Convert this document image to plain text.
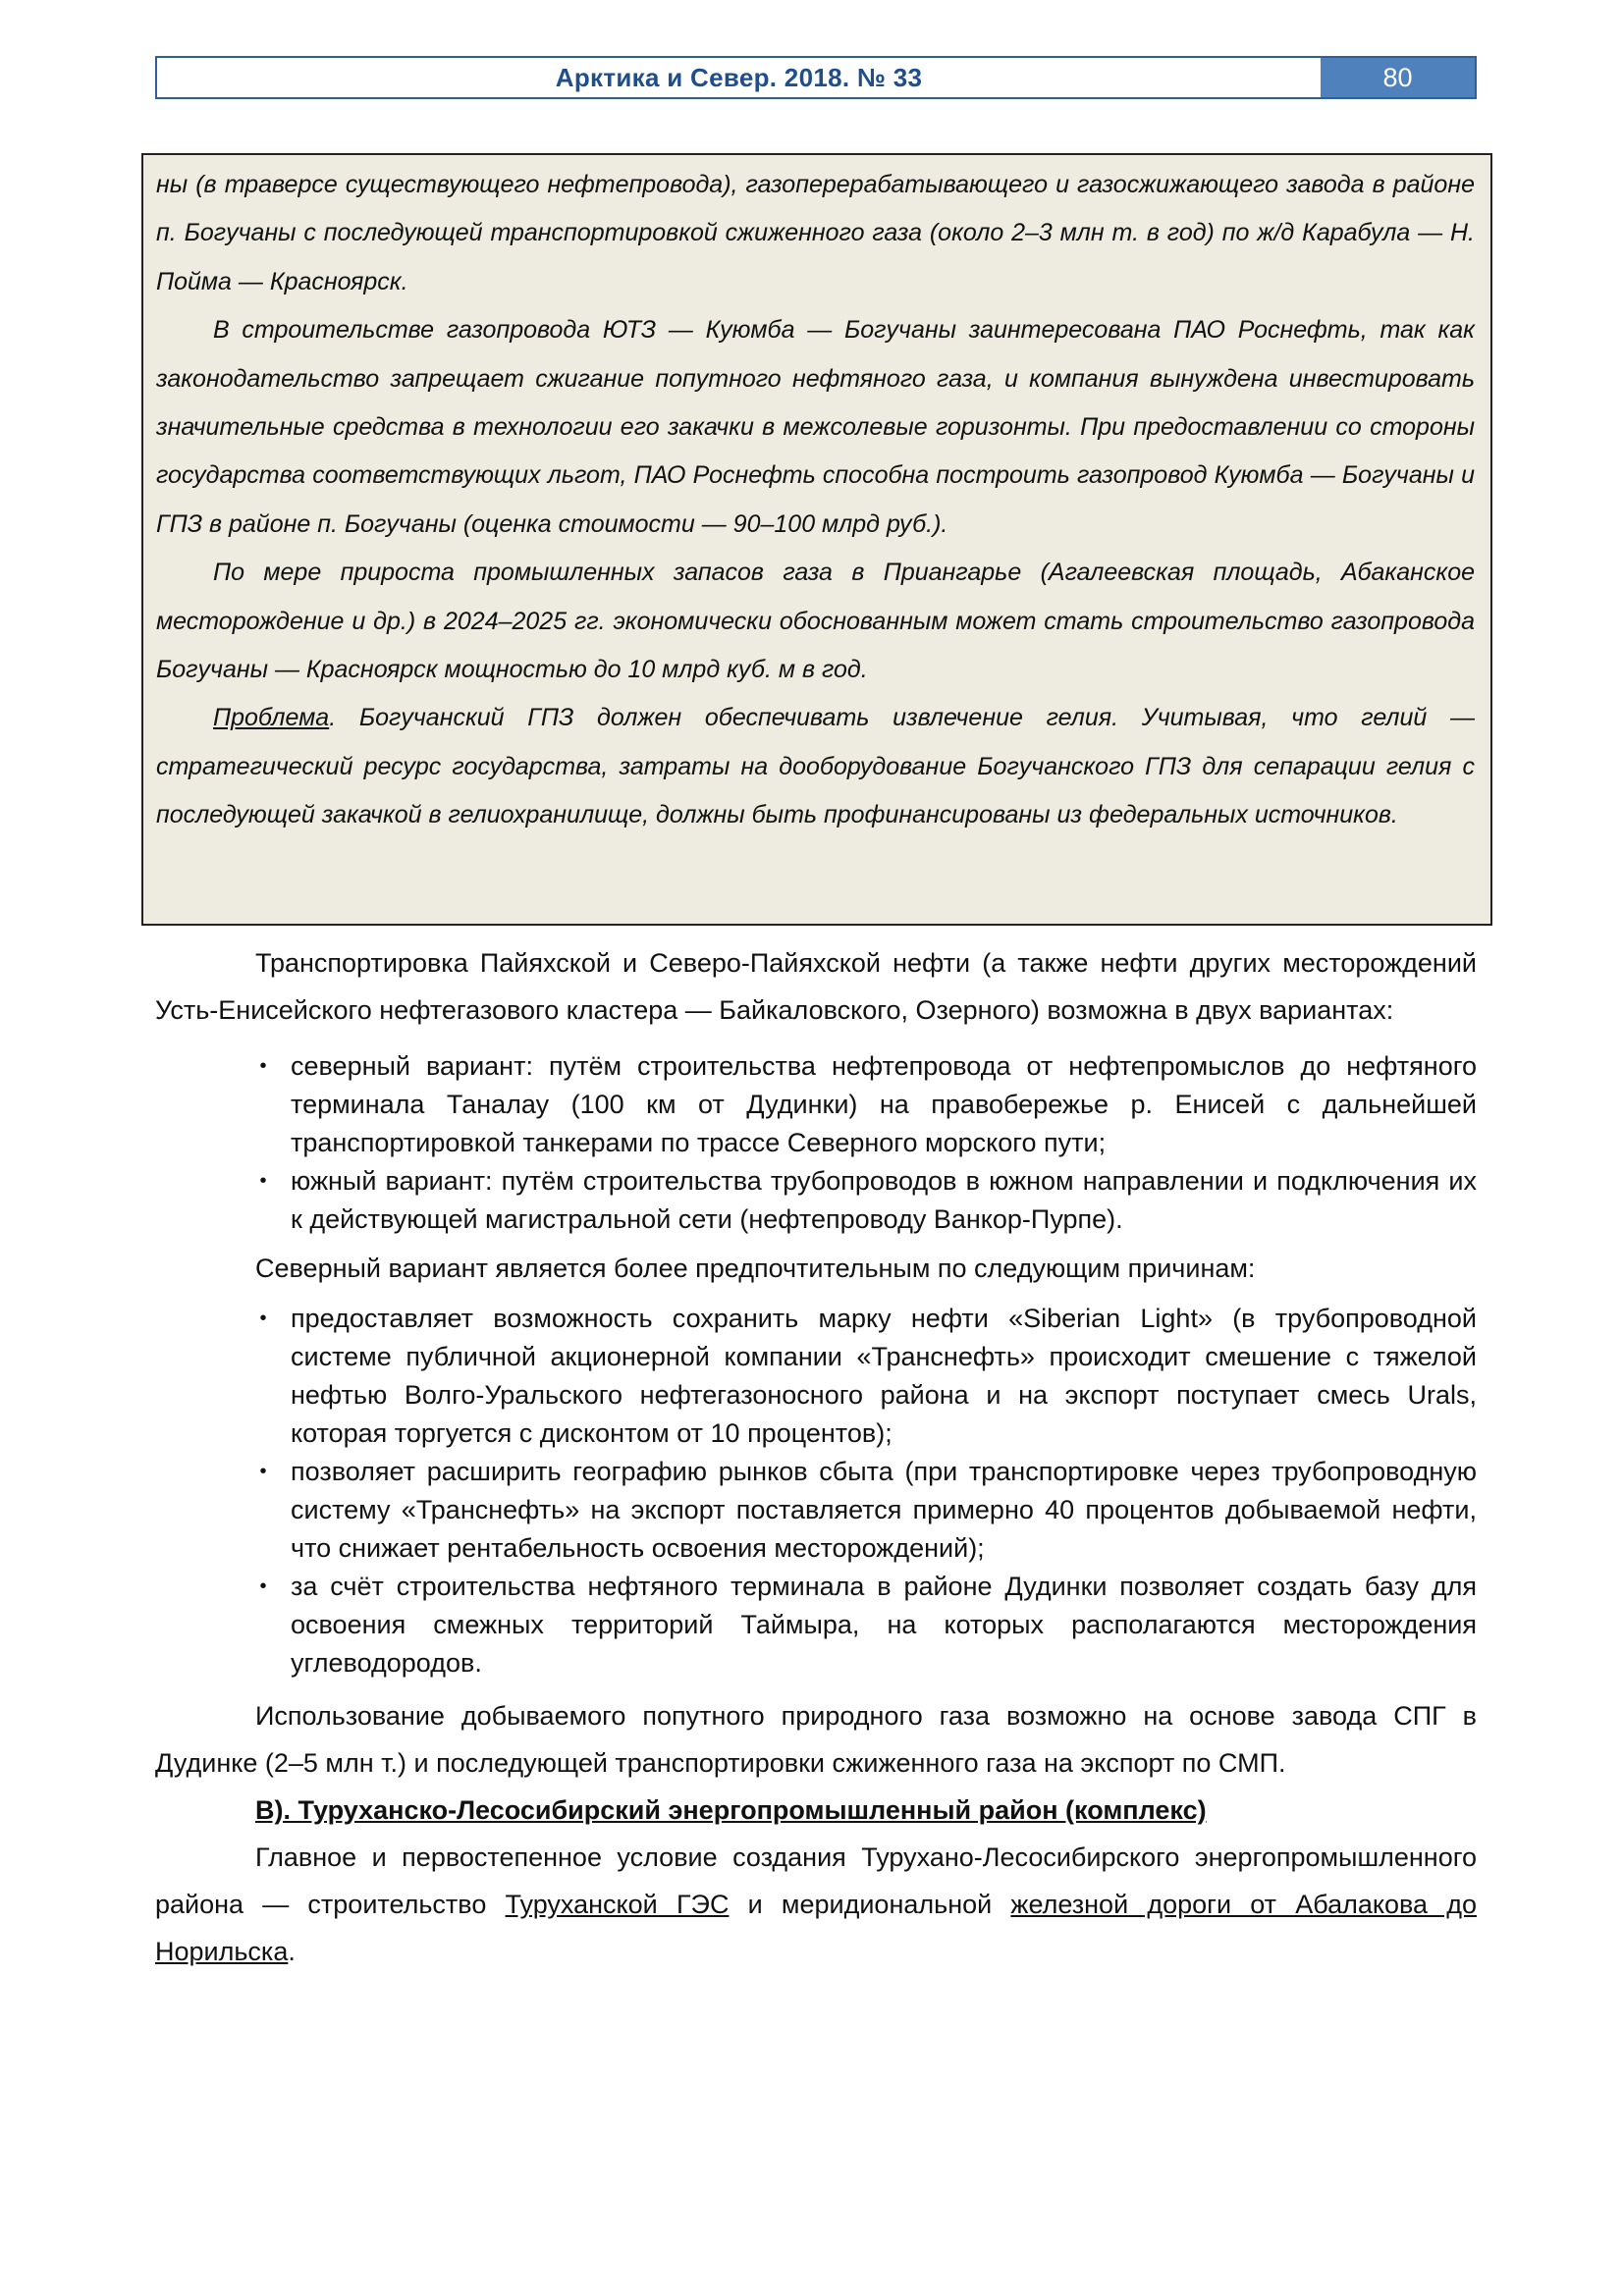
Арктика и Север. 2018. № 33	80

ны (в траверсе существующего нефтепровода), газоперерабатывающего и газосжижающего завода в районе п. Богучаны с последующей транспортировкой сжиженного газа (около 2–3 млн т. в год) по ж/д Карабула — Н. Пойма — Красноярск.

В строительстве газопровода ЮТЗ — Куюмба — Богучаны заинтересована ПАО Роснефть, так как законодательство запрещает сжигание попутного нефтяного газа, и компания вынуждена инвестировать значительные средства в технологии его закачки в межсолевые горизонты. При предоставлении со стороны государства соответствующих льгот, ПАО Роснефть способна построить газопровод Куюмба — Богучаны и ГПЗ в районе п. Богучаны (оценка стоимости — 90–100 млрд руб.).

По мере прироста промышленных запасов газа в Приангарье (Агалеевская площадь, Абаканское месторождение и др.) в 2024–2025 гг. экономически обоснованным может стать строительство газопровода Богучаны — Красноярск мощностью до 10 млрд куб. м в год.

Проблема. Богучанский ГПЗ должен обеспечивать извлечение гелия. Учитывая, что гелий — стратегический ресурс государства, затраты на дооборудование Богучанского ГПЗ для сепарации гелия с последующей закачкой в гелиохранилище, должны быть профинансированы из федеральных источников.

Транспортировка Пайяхской и Северо-Пайяхской нефти (а также нефти других месторождений Усть-Енисейского нефтегазового кластера — Байкаловского, Озерного) возможна в двух вариантах:

• северный вариант: путём строительства нефтепровода от нефтепромыслов до нефтяного терминала Таналау (100 км от Дудинки) на правобережье р. Енисей с дальнейшей транспортировкой танкерами по трассе Северного морского пути;
• южный вариант: путём строительства трубопроводов в южном направлении и подключения их к действующей магистральной сети (нефтепроводу Ванкор-Пурпе).

Северный вариант является более предпочтительным по следующим причинам:

• предоставляет возможность сохранить марку нефти «Siberian Light» (в трубопроводной системе публичной акционерной компании «Транснефть» происходит смешение с тяжелой нефтью Волго-Уральского нефтегазоносного района и на экспорт поступает смесь Urals, которая торгуется с дисконтом от 10 процентов);
• позволяет расширить географию рынков сбыта (при транспортировке через трубопроводную систему «Транснефть» на экспорт поставляется примерно 40 процентов добываемой нефти, что снижает рентабельность освоения месторождений);
• за счёт строительства нефтяного терминала в районе Дудинки позволяет создать базу для освоения смежных территорий Таймыра, на которых располагаются месторождения углеводородов.

Использование добываемого попутного природного газа возможно на основе завода СПГ в Дудинке (2–5 млн т.) и последующей транспортировки сжиженного газа на экспорт по СМП.

В). Туруханско-Лесосибирский энергопромышленный район (комплекс)

Главное и первостепенное условие создания Турухано-Лесосибирского энергопромышленного района — строительство Туруханской ГЭС и меридиональной железной дороги от Абалакова до Норильска.
